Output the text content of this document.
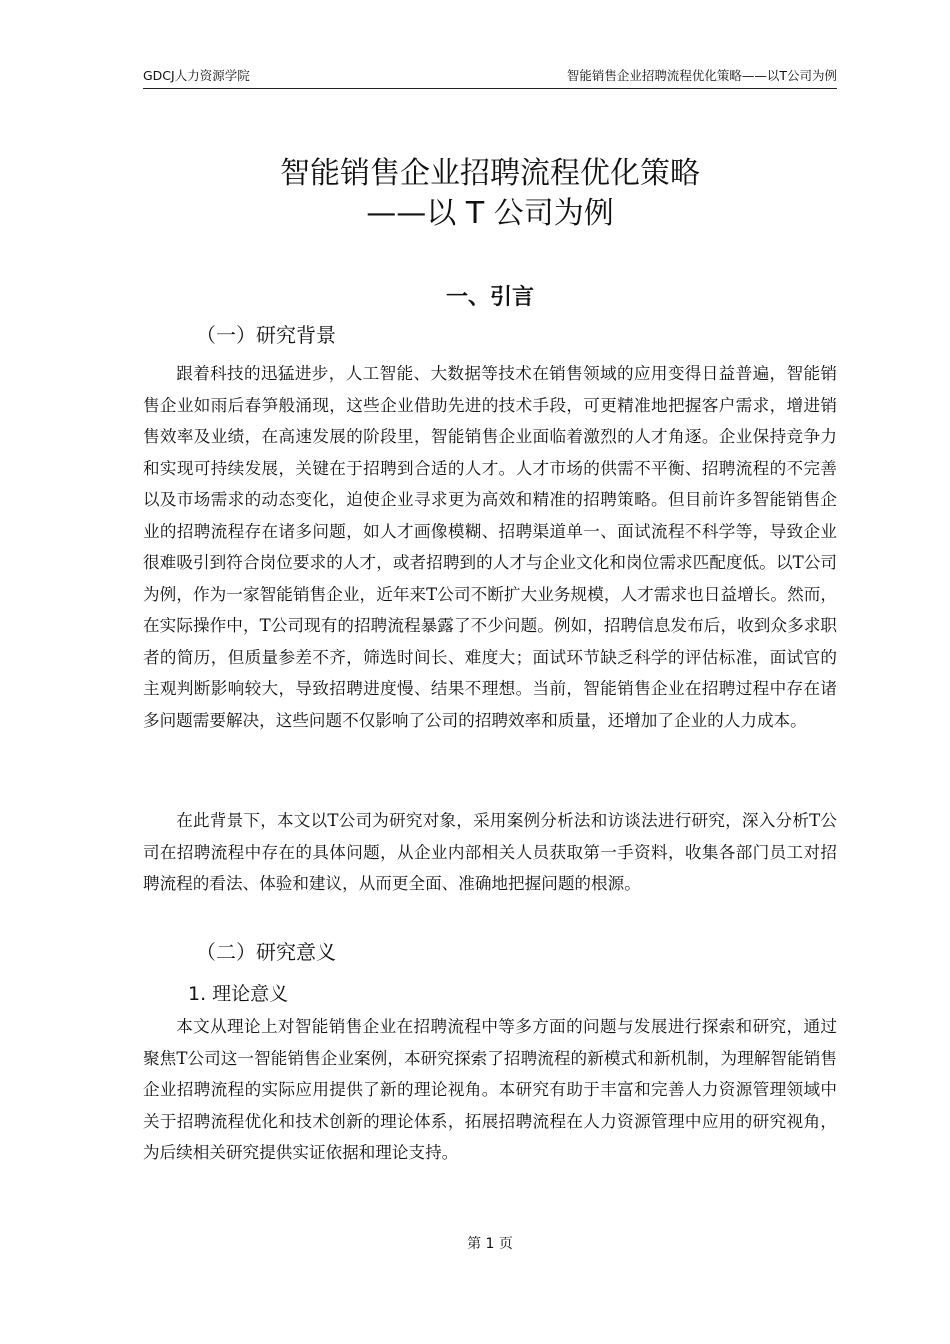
GDCJ人力资源学院	智能销售企业招聘流程优化策略——以T公司为例
智能销售企业招聘流程优化策略
——以 T 公司为例
一、引言
（一）研究背景

跟着科技的迅猛进步，人工智能、大数据等技术在销售领域的应用变得日益普遍，智能销售企业如雨后春笋般涌现，这些企业借助先进的技术手段，可更精准地把握客户需求，增进销售效率及业绩，在高速发展的阶段里，智能销售企业面临着激烈的人才角逐。企业保持竞争力和实现可持续发展，关键在于招聘到合适的人才。人才市场的供需不平衡、招聘流程的不完善以及市场需求的动态变化，迫使企业寻求更为高效和精准的招聘策略。但目前许多智能销售企业的招聘流程存在诸多问题，如人才画像模糊、招聘渠道单一、面试流程不科学等，导致企业很难吸引到符合岗位要求的人才，或者招聘到的人才与企业文化和岗位需求匹配度低。以T公司为例，作为一家智能销售企业，近年来T公司不断扩大业务规模，人才需求也日益增长。然而，在实际操作中，T公司现有的招聘流程暴露了不少问题。例如，招聘信息发布后，收到众多求职者的简历，但质量参差不齐，筛选时间长、难度大；面试环节缺乏科学的评估标准，面试官的主观判断影响较大，导致招聘进度慢、结果不理想。当前，智能销售企业在招聘过程中存在诸多问题需要解决，这些问题不仅影响了公司的招聘效率和质量，还增加了企业的人力成本。

在此背景下，本文以T公司为研究对象，采用案例分析法和访谈法进行研究，深入分析T公司在招聘流程中存在的具体问题，从企业内部相关人员获取第一手资料，收集各部门员工对招聘流程的看法、体验和建议，从而更全面、准确地把握问题的根源。

（二）研究意义
1. 理论意义

本文从理论上对智能销售企业在招聘流程中等多方面的问题与发展进行探索和研究，通过聚焦T公司这一智能销售企业案例，本研究探索了招聘流程的新模式和新机制，为理解智能销售企业招聘流程的实际应用提供了新的理论视角。本研究有助于丰富和完善人力资源管理领域中关于招聘流程优化和技术创新的理论体系，拓展招聘流程在人力资源管理中应用的研究视角，为后续相关研究提供实证依据和理论支持。

第 1 页
